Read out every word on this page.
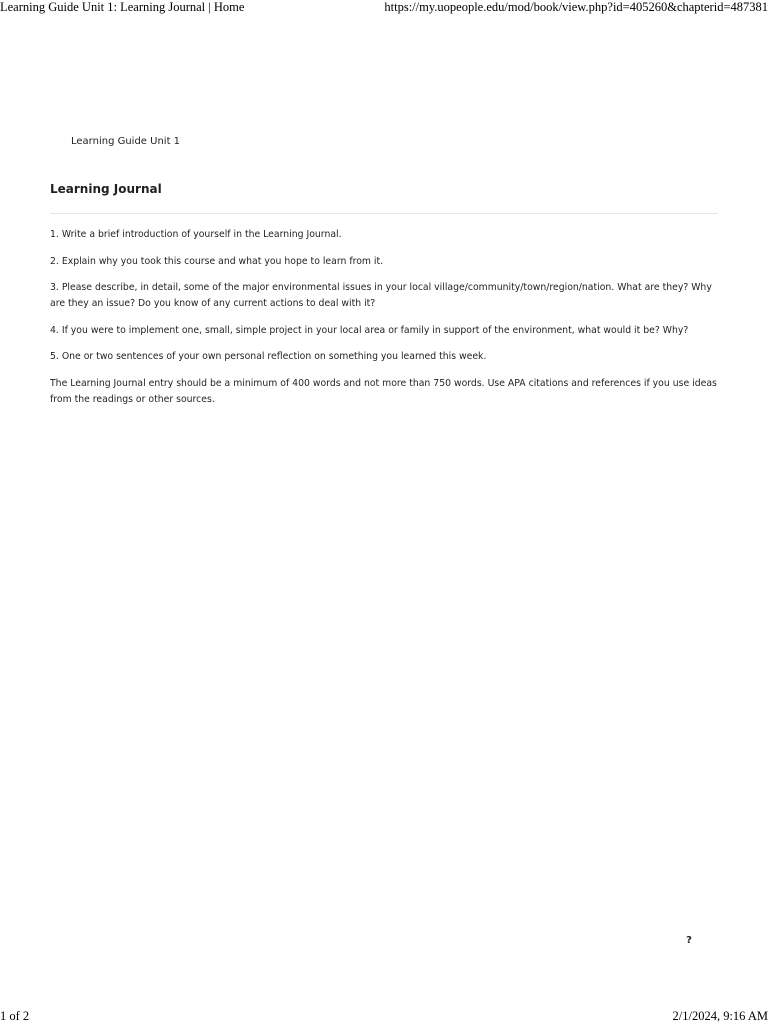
Learning Guide Unit 1: Learning Journal | Home	https://my.uopeople.edu/mod/book/view.php?id=405260&chapterid=487381
Learning Guide Unit 1
Learning Journal

1. Write a brief introduction of yourself in the Learning Journal.

2. Explain why you took this course and what you hope to learn from it.

3. Please describe, in detail, some of the major environmental issues in your local village/community/town/region/nation. What are they? Why are they an issue? Do you know of any current actions to deal with it?

4. If you were to implement one, small, simple project in your local area or family in support of the environment, what would it be? Why?

5. One or two sentences of your own personal reflection on something you learned this week.

The Learning Journal entry should be a minimum of 400 words and not more than 750 words. Use APA citations and references if you use ideas from the readings or other sources.

?
1 of 2	2/1/2024, 9:16 AM
